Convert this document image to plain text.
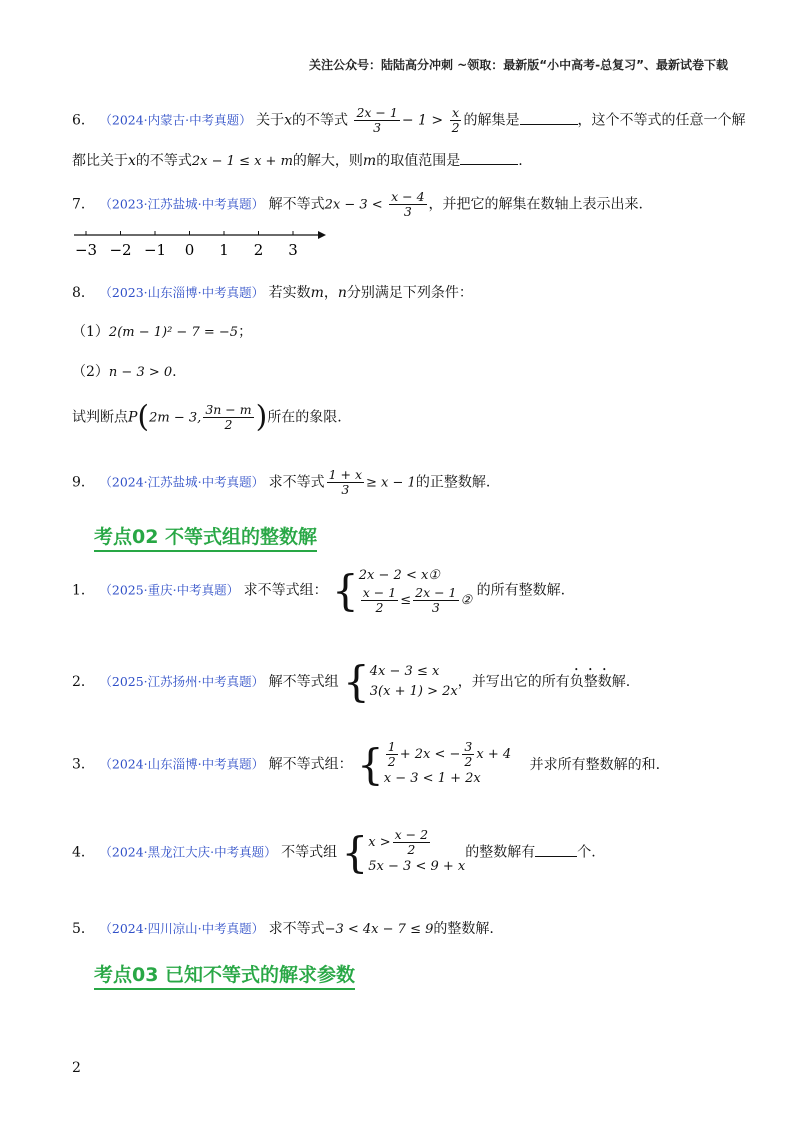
关注公众号：陆陆高分冲刺 ~领取：最新版“小中高考-总复习”、最新试卷下载
6． （2024·内蒙古·中考真题） 关于x的不等式 $\frac{2x - 1}{3} - 1 > \frac{x}{2}$ 的解集是	，这个不等式的任意一个解
都比关于x的不等式2x − 1 ≤ x + m的解大，则m的取值范围是	.
7． （2023·江苏盐城·中考真题） 解不等式$2x - 3 < \frac{x - 4}{3}$ ，并把它的解集在数轴上表示出来.
−3 −2 −1 0 1 2 3
8． （2023·山东淄博·中考真题） 若实数m，n分别满足下列条件：
（1）2(m − 1)² − 7 = −5；
（2）n − 3 > 0.
试判断点P(2m − 3, $\frac{3n - m}{2}$ )所在的象限.
9． （2024·江苏盐城·中考真题） 求不等式 $\frac{1 + x}{3} \ge x - 1$的正整数解.
考点02 不等式组的整数解
1． （2025·重庆·中考真题） 求不等式组： { 2x − 2 < x①
$\frac{x - 1}{2} \le \frac{2x - 1}{3}$ ②
的所有整数解.
2． （2025·江苏扬州·中考真题） 解不等式组 { 4x − 3 ≤ x
3(x + 1) > 2x
，并写出它的所有负整数解.
3． （2024·山东淄博·中考真题） 解不等式组： { $\frac{1}{2} + 2x$ < − $\frac{3}{2}$ x + 4
x − 3 < 1 + 2x
并求所有整数解的和.
4． （2024·黑龙江大庆·中考真题） 不等式组 { $x > \frac{x - 2}{2}$
5x − 3 < 9 + x
的整数解有	个.
5． （2024·四川凉山·中考真题） 求不等式−3 < 4x − 7 ≤ 9的整数解.
考点03 已知不等式的解求参数
2
